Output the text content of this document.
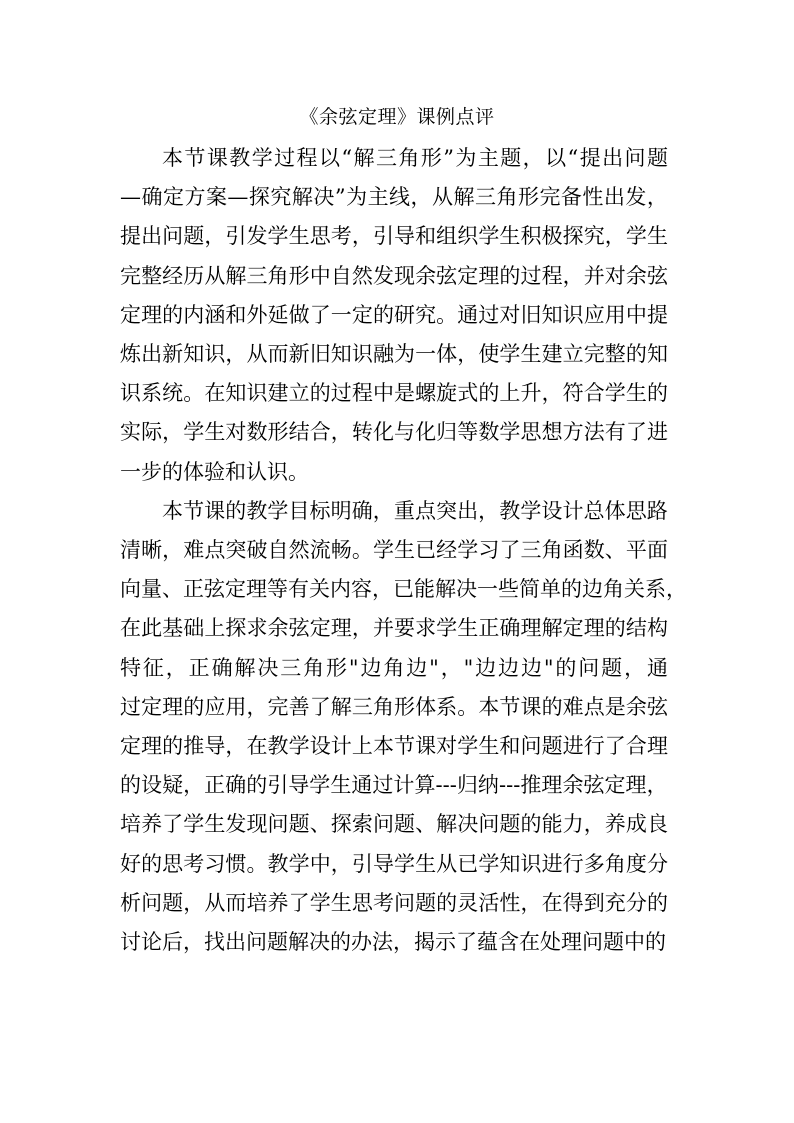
《余弦定理》课例点评
本 节 课 教 学 过 程 以 “ 解 三 角 形 ” 为 主 题 ， 以 “ 提 出 问 题
— 确 定 方 案 — 探 究 解 决 ” 为 主 线 ， 从 解 三 角 形 完 备 性 出 发 ，
提 出 问 题 ， 引 发 学 生 思 考 ， 引 导 和 组 织 学 生 积 极 探 究 ， 学 生
完 整 经 历 从 解 三 角 形 中 自 然 发 现 余 弦 定 理 的 过 程 ， 并 对 余 弦
定 理 的 内 涵 和 外 延 做 了 一 定 的 研 究 。 通 过 对 旧 知 识 应 用 中 提
炼 出 新 知 识 ， 从 而 新 旧 知 识 融 为 一 体 ， 使 学 生 建 立 完 整 的 知
识 系 统 。 在 知 识 建 立 的 过 程 中 是 螺 旋 式 的 上 升 ， 符 合 学 生 的
实 际 ， 学 生 对 数 形 结 合 ， 转 化 与 化 归 等 数 学 思 想 方 法 有 了 进
一步的体验和认识。
本 节 课 的 教 学 目 标 明 确 ， 重 点 突 出 ， 教 学 设 计 总 体 思 路
清 晰 ， 难 点 突 破 自 然 流 畅 。 学 生 已 经 学 习 了 三 角 函 数 、 平 面
向 量 、 正 弦 定 理 等 有 关 内 容 ， 已 能 解 决 一 些 简 单 的 边 角 关 系 ，
在 此 基 础 上 探 求 余 弦 定 理 ， 并 要 求 学 生 正 确 理 解 定 理 的 结 构
特 征 ， 正 确 解 决 三 角 形 " 边 角 边 " ， " 边 边 边 " 的 问 题 ， 通
过 定 理 的 应 用 ， 完 善 了 解 三 角 形 体 系 。 本 节 课 的 难 点 是 余 弦
定 理 的 推 导 ， 在 教 学 设 计 上 本 节 课 对 学 生 和 问 题 进 行 了 合 理
的 设 疑 ， 正 确 的 引 导 学 生 通 过 计 算 - - - 归 纳 - - - 推 理 余 弦 定 理 ，
培 养 了 学 生 发 现 问 题 、 探 索 问 题 、 解 决 问 题 的 能 力 ， 养 成 良
好 的 思 考 习 惯 。 教 学 中 ， 引 导 学 生 从 已 学 知 识 进 行 多 角 度 分
析 问 题 ， 从 而 培 养 了 学 生 思 考 问 题 的 灵 活 性 ， 在 得 到 充 分 的
讨论后，找出问题解决的办法，揭示了蕴含在处理问题中的
